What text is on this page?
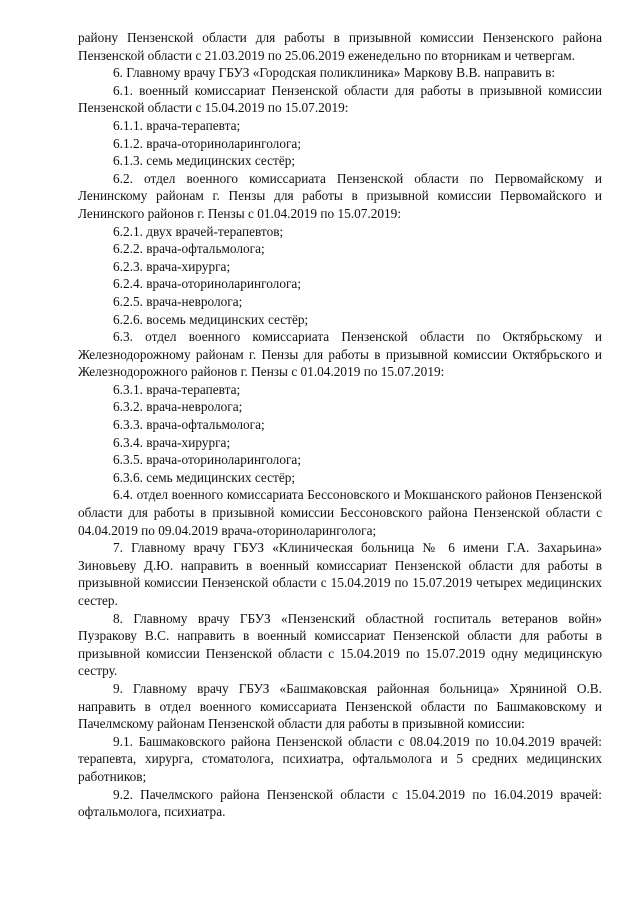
району Пензенской области для работы в призывной комиссии Пензенского района Пензенской области с 21.03.2019 по 25.06.2019 еженедельно по вторникам и четвергам.

6. Главному врачу ГБУЗ «Городская поликлиника» Маркову В.В. направить в:

6.1. военный комиссариат Пензенской области для работы в призывной комиссии Пензенской области с 15.04.2019 по 15.07.2019:

6.1.1. врача-терапевта;

6.1.2. врача-оториноларинголога;

6.1.3. семь медицинских сестёр;

6.2. отдел военного комиссариата Пензенской области по Первомайскому и Ленинскому районам г. Пензы для работы в призывной комиссии Первомайского и Ленинского районов г. Пензы с 01.04.2019 по 15.07.2019:

6.2.1. двух врачей-терапевтов;

6.2.2. врача-офтальмолога;

6.2.3. врача-хирурга;

6.2.4. врача-оториноларинголога;

6.2.5. врача-невролога;

6.2.6. восемь медицинских сестёр;

6.3. отдел военного комиссариата Пензенской области по Октябрьскому и Железнодорожному районам г. Пензы для работы в призывной комиссии Октябрьского и Железнодорожного районов г. Пензы с 01.04.2019 по 15.07.2019:

6.3.1. врача-терапевта;

6.3.2. врача-невролога;

6.3.3. врача-офтальмолога;

6.3.4. врача-хирурга;

6.3.5. врача-оториноларинголога;

6.3.6. семь медицинских сестёр;

6.4. отдел военного комиссариата Бессоновского и Мокшанского районов Пензенской области для работы в призывной комиссии Бессоновского района Пензенской области с 04.04.2019 по 09.04.2019 врача-оториноларинголога;

7. Главному врачу ГБУЗ «Клиническая больница № 6 имени Г.А. Захарьина» Зиновьеву Д.Ю. направить в военный комиссариат Пензенской области для работы в призывной комиссии Пензенской области с 15.04.2019 по 15.07.2019 четырех медицинских сестер.

8. Главному врачу ГБУЗ «Пензенский областной госпиталь ветеранов войн» Пузракову В.С. направить в военный комиссариат Пензенской области для работы в призывной комиссии Пензенской области с 15.04.2019 по 15.07.2019 одну медицинскую сестру.

9. Главному врачу ГБУЗ «Башмаковская районная больница» Хряниной О.В. направить в отдел военного комиссариата Пензенской области по Башмаковскому и Пачелмскому районам Пензенской области для работы в призывной комиссии:

9.1. Башмаковского района Пензенской области с 08.04.2019 по 10.04.2019 врачей: терапевта, хирурга, стоматолога, психиатра, офтальмолога и 5 средних медицинских работников;

9.2. Пачелмского района Пензенской области с 15.04.2019 по 16.04.2019 врачей: офтальмолога, психиатра.
